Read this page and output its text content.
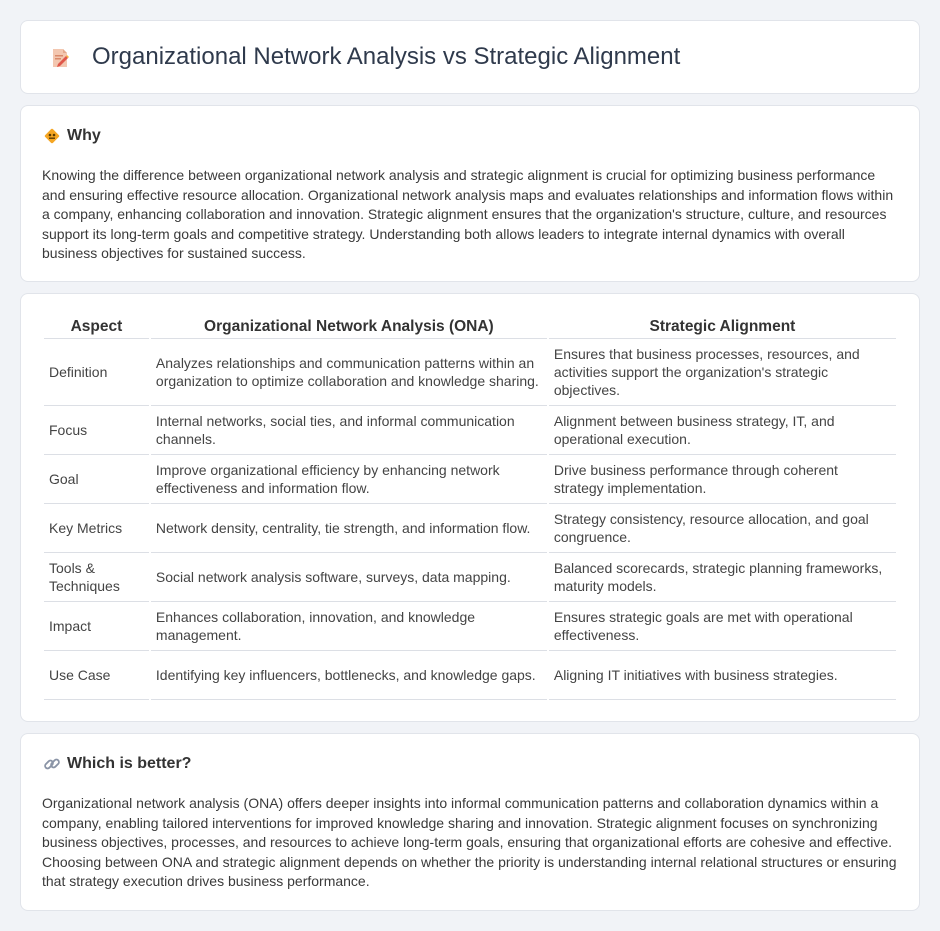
Organizational Network Analysis vs Strategic Alignment
Why

Knowing the difference between organizational network analysis and strategic alignment is crucial for optimizing business performance and ensuring effective resource allocation. Organizational network analysis maps and evaluates relationships and information flows within a company, enhancing collaboration and innovation. Strategic alignment ensures that the organization's structure, culture, and resources support its long-term goals and competitive strategy. Understanding both allows leaders to integrate internal dynamics with overall business objectives for sustained success.

Aspect	Organizational Network Analysis (ONA)	Strategic Alignment
Definition	Analyzes relationships and communication patterns within an organization to optimize collaboration and knowledge sharing.	Ensures that business processes, resources, and activities support the organization's strategic objectives.
Focus	Internal networks, social ties, and informal communication channels.	Alignment between business strategy, IT, and operational execution.
Goal	Improve organizational efficiency by enhancing network effectiveness and information flow.	Drive business performance through coherent strategy implementation.
Key Metrics	Network density, centrality, tie strength, and information flow.	Strategy consistency, resource allocation, and goal congruence.
Tools & Techniques	Social network analysis software, surveys, data mapping.	Balanced scorecards, strategic planning frameworks, maturity models.
Impact	Enhances collaboration, innovation, and knowledge management.	Ensures strategic goals are met with operational effectiveness.
Use Case	Identifying key influencers, bottlenecks, and knowledge gaps.	Aligning IT initiatives with business strategies.
Which is better?

Organizational network analysis (ONA) offers deeper insights into informal communication patterns and collaboration dynamics within a company, enabling tailored interventions for improved knowledge sharing and innovation. Strategic alignment focuses on synchronizing business objectives, processes, and resources to achieve long-term goals, ensuring that organizational efforts are cohesive and effective. Choosing between ONA and strategic alignment depends on whether the priority is understanding internal relational structures or ensuring that strategy execution drives business performance.
